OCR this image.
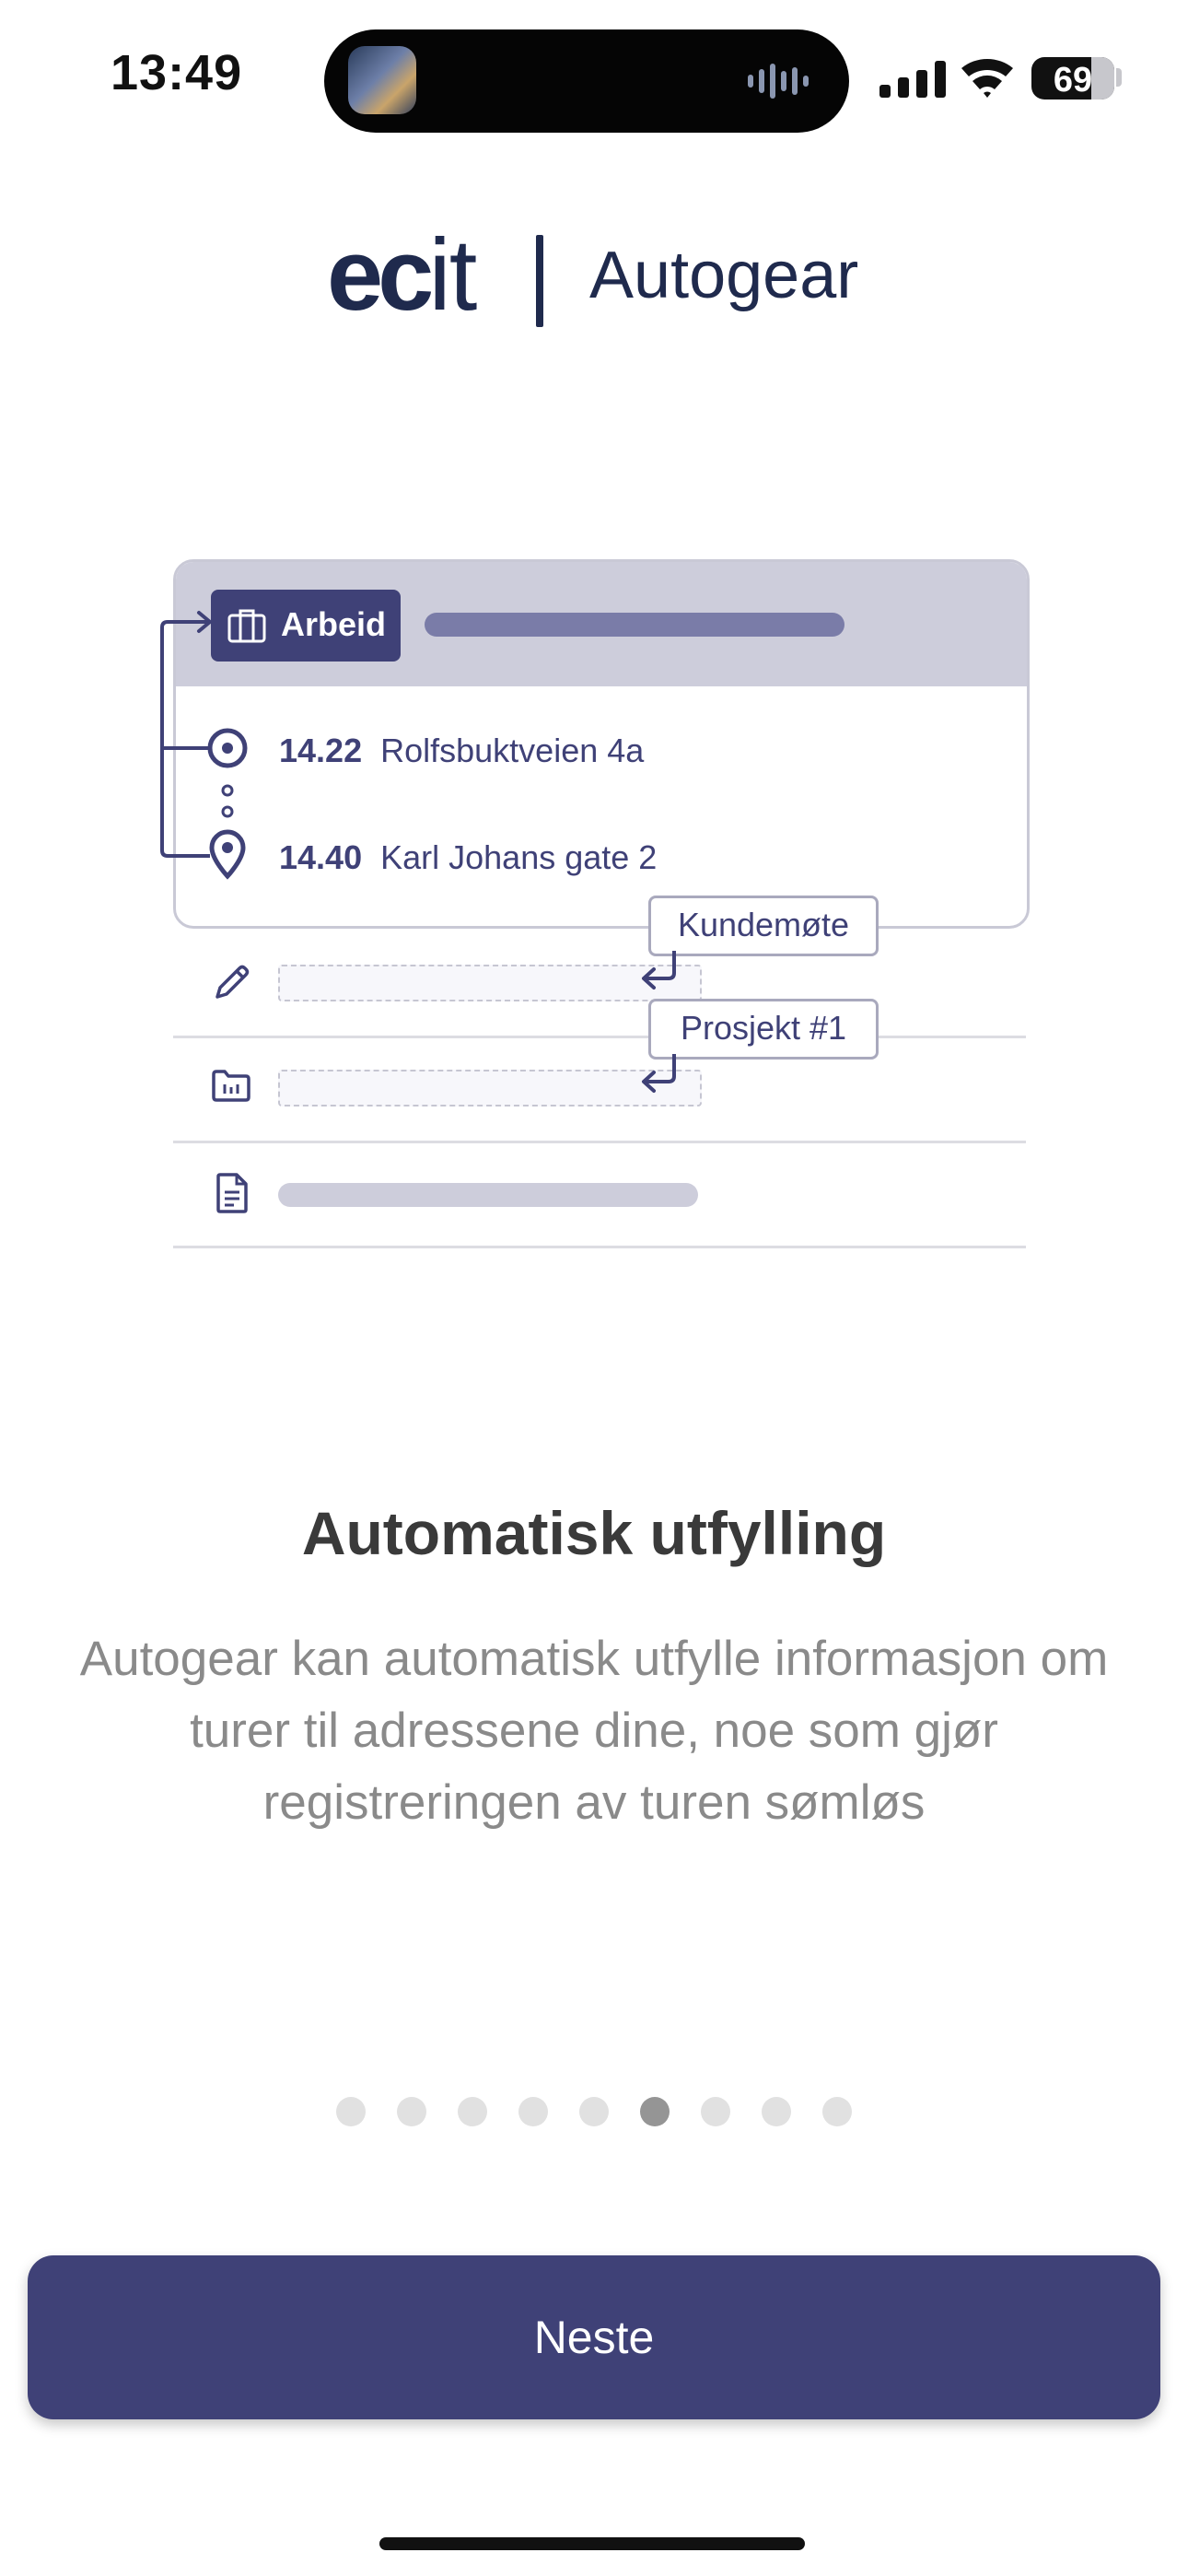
13:49	69
ecit Autogear
Arbeid
14.22 Rolfsbuktveien 4a
14.40 Karl Johans gate 2
Kundemøte
Prosjekt #1
Automatisk utfylling
Autogear kan automatisk utfylle informasjon om turer til adressene dine, noe som gjør registreringen av turen sømløs
Neste
